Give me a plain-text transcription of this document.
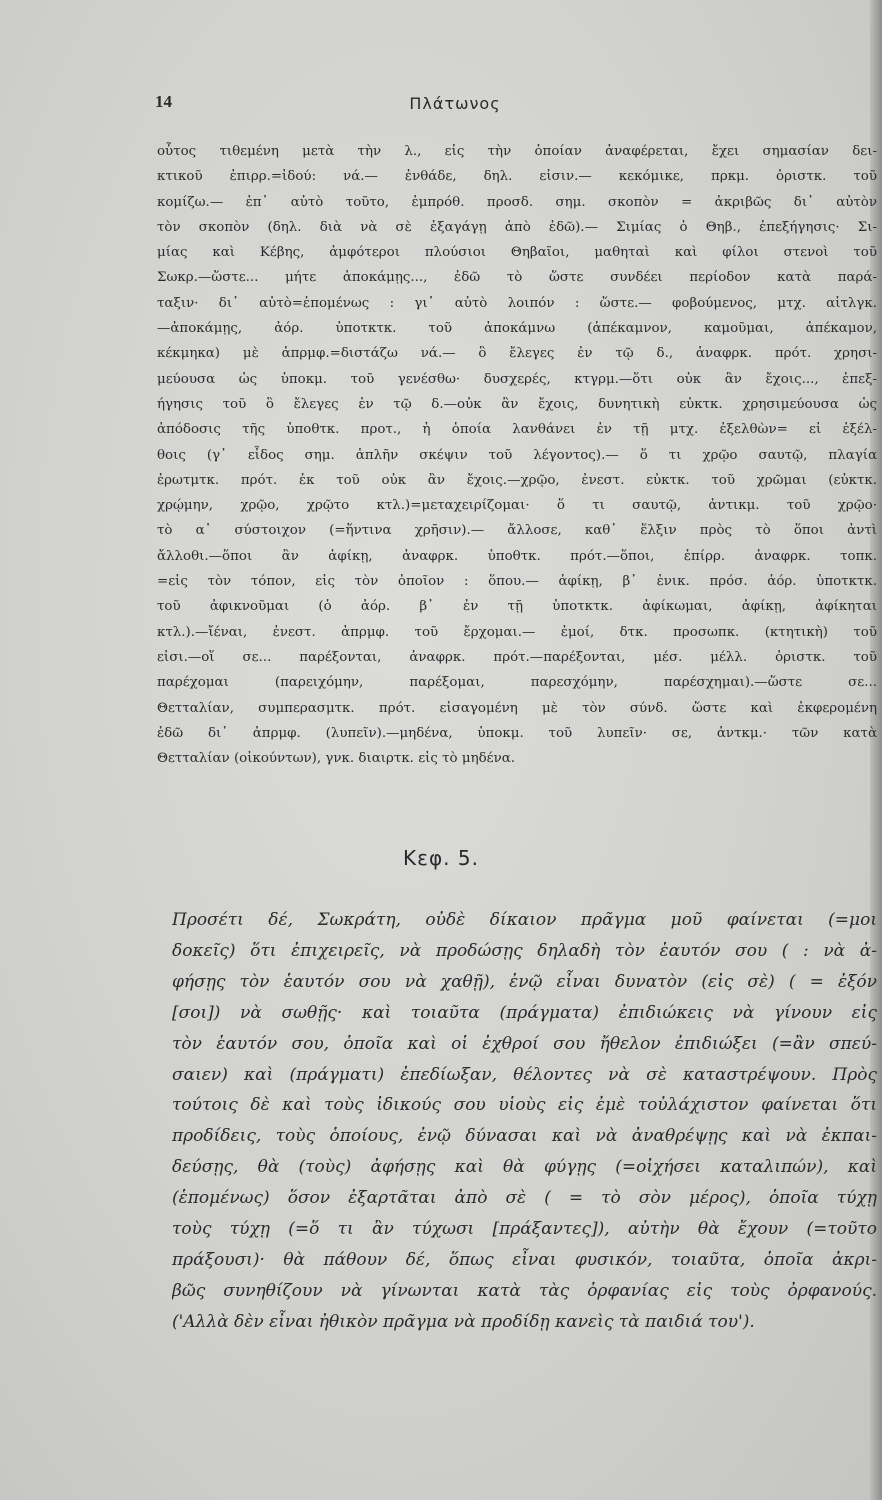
14	Πλάτωνος
οὗτος τιθεμένη μετὰ τὴν λ., εἰς τὴν ὁποίαν ἀναφέρεται, ἔχει σημασίαν δει-
κτικοῦ ἐπιρρ.=ἰδού: νά.— ἐνθάδε, δηλ. εἰσιν.— κεκόμικε, πρκμ. ὁριστκ. τοῦ
κομίζω.— ἐπ᾽ αὐτὸ τοῦτο, ἐμπρόθ. προσδ. σημ. σκοπὸν = ἀκριβῶς δι᾽ αὐτὸν
τὸν σκοπὸν (δηλ. διὰ νὰ σὲ ἐξαγάγῃ ἀπὸ ἐδῶ).— Σιμίας ὁ Θηβ., ἐπεξήγησις· Σι-
μίας καὶ Κέβης, ἀμφότεροι πλούσιοι Θηβαῖοι, μαθηταὶ καὶ φίλοι στενοὶ τοῦ
Σωκρ.—ὥστε... μήτε ἀποκάμῃς..., ἐδῶ τὸ ὥστε συνδέει περίοδον κατὰ παρά-
ταξιν· δι᾽ αὐτὸ=ἑπομένως : γι᾽ αὐτὸ λοιπόν : ὥστε.— φοβούμενος, μτχ. αἰτλγκ.
—ἀποκάμῃς, ἀόρ. ὑποτκτκ. τοῦ ἀποκάμνω (ἀπέκαμνον, καμοῦμαι, ἀπέκαμον,
κέκμηκα) μὲ ἀπρμφ.=διστάζω νά.— ὃ ἔλεγες ἐν τῷ δ., ἀναφρκ. πρότ. χρησι-
μεύουσα ὡς ὑποκμ. τοῦ γενέσθω· δυσχερές, κτγρμ.—ὅτι οὐκ ἂν ἔχοις..., ἐπεξ-
ήγησις τοῦ ὃ ἔλεγες ἐν τῷ δ.—οὐκ ἂν ἔχοις, δυνητικὴ εὐκτκ. χρησιμεύουσα ὡς
ἀπόδοσις τῆς ὑποθτκ. προτ., ἡ ὁποία λανθάνει ἐν τῇ μτχ. ἐξελθὼν= εἰ ἐξέλ-
θοις (γ᾽ εἶδος σημ. ἁπλῆν σκέψιν τοῦ λέγοντος).— ὅ τι χρῷο σαυτῷ, πλαγία
ἐρωτμτκ. πρότ. ἐκ τοῦ οὐκ ἂν ἔχοις.—χρῷο, ἐνεστ. εὐκτκ. τοῦ χρῶμαι (εὐκτκ.
χρῴμην, χρῷο, χρῷτο κτλ.)=μεταχειρίζομαι· ὅ τι σαυτῷ, ἀντικμ. τοῦ χρῷο·
τὸ α᾽ σύστοιχον (=ἥντινα χρῆσιν).— ἄλλοσε, καθ᾽ ἕλξιν πρὸς τὸ ὅποι ἀντὶ
ἄλλοθι.—ὅποι ἂν ἀφίκῃ, ἀναφρκ. ὑποθτκ. πρότ.—ὅποι, ἐπίρρ. ἀναφρκ. τοπκ.
=εἰς τὸν τόπον, εἰς τὸν ὁποῖον : ὅπου.— ἀφίκῃ, β᾽ ἑνικ. πρόσ. ἀόρ. ὑποτκτκ.
τοῦ ἀφικνοῦμαι (ὁ ἀόρ. β᾽ ἐν τῇ ὑποτκτκ. ἀφίκωμαι, ἀφίκῃ, ἀφίκηται
κτλ.).—ἴέναι, ἐνεστ. ἀπρμφ. τοῦ ἔρχομαι.— ἐμοί, δτκ. προσωπκ. (κτητικὴ) τοῦ
εἰσι.—οἵ σε... παρέξονται, ἀναφρκ. πρότ.—παρέξονται, μέσ. μέλλ. ὁριστκ. τοῦ
παρέχομαι (παρειχόμην, παρέξομαι, παρεσχόμην, παρέσχημαι).—ὥστε σε...
Θετταλίαν, συμπερασμτκ. πρότ. εἰσαγομένη μὲ τὸν σύνδ. ὥστε καὶ ἐκφερομένη
ἐδῶ δι᾽ ἀπρμφ. (λυπεῖν).—μηδένα, ὑποκμ. τοῦ λυπεῖν· σε, ἀντκμ.· τῶν κατὰ
Θετταλίαν (οἰκούντων), γνκ. διαιρτκ. εἰς τὸ μηδένα.
Κεφ. 5.
Προσέτι δέ, Σωκράτη, οὐδὲ δίκαιον πρᾶγμα μοῦ φαίνεται (=μοι
δοκεῖς) ὅτι ἐπιχειρεῖς, νὰ προδώσῃς δηλαδὴ τὸν ἑαυτόν σου ( : νὰ ἀ-
φήσῃς τὸν ἑαυτόν σου νὰ χαθῇ), ἐνῷ εἶναι δυνατὸν (εἰς σὲ) ( = ἐξόν
[σοι]) νὰ σωθῇς· καὶ τοιαῦτα (πράγματα) ἐπιδιώκεις νὰ γίνουν εἰς
τὸν ἑαυτόν σου, ὁποῖα καὶ οἱ ἐχθροί σου ἤθελον ἐπιδιώξει (=ἂν σπεύ-
σαιεν) καὶ (πράγματι) ἐπεδίωξαν, θέλοντες νὰ σὲ καταστρέψουν. Πρὸς
τούτοις δὲ καὶ τοὺς ἰδικούς σου υἱοὺς εἰς ἐμὲ τοὐλάχιστον φαίνεται ὅτι
προδίδεις, τοὺς ὁποίους, ἐνῷ δύνασαι καὶ νὰ ἀναθρέψῃς καὶ νὰ ἐκπαι-
δεύσῃς, θὰ (τοὺς) ἀφήσῃς καὶ θὰ φύγῃς (=οἰχήσει καταλιπών), καὶ
(ἑπομένως) ὅσον ἐξαρτᾶται ἀπὸ σὲ ( = τὸ σὸν μέρος), ὁποῖα τύχῃ
τοὺς τύχῃ (=ὅ τι ἂν τύχωσι [πράξαντες]), αὐτὴν θὰ ἔχουν (=τοῦτο
πράξουσι)· θὰ πάθουν δέ, ὅπως εἶναι φυσικόν, τοιαῦτα, ὁποῖα ἀκρι-
βῶς συνηθίζουν νὰ γίνωνται κατὰ τὰς ὀρφανίας εἰς τοὺς ὀρφανούς.
('Αλλὰ δὲν εἶναι ἠθικὸν πρᾶγμα νὰ προδίδῃ κανεὶς τὰ παιδιά του').
